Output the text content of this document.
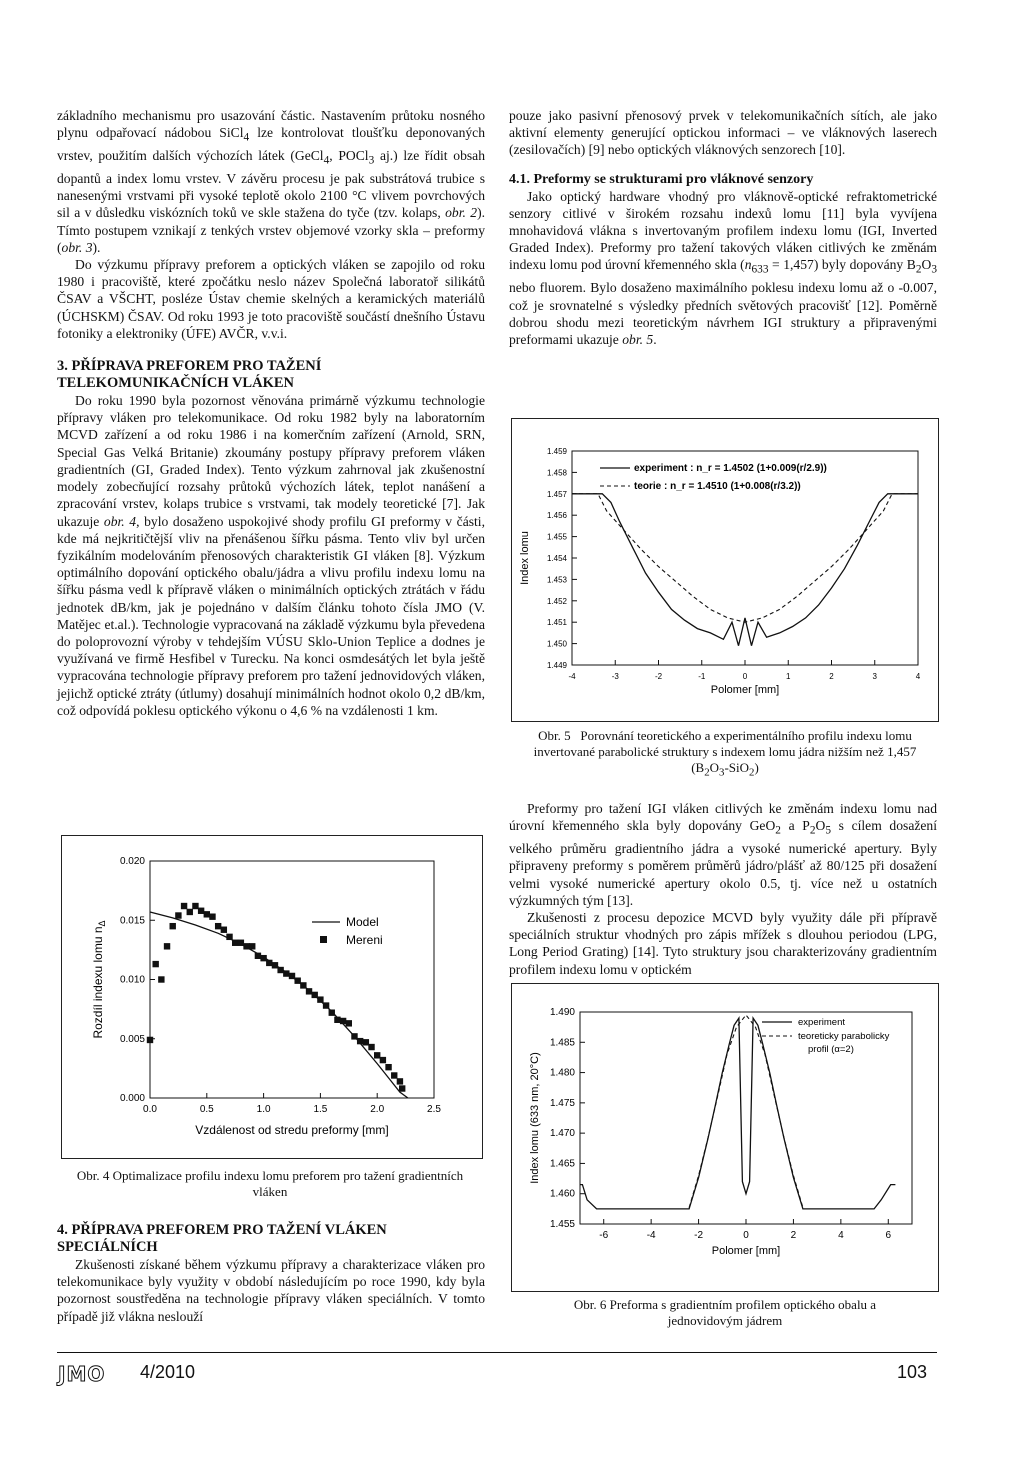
základního mechanismu pro usazování částic. Nastavením průtoku nosného plynu odpařovací nádobou SiCl$_4$ lze kontrolovat tloušťku deponovaných vrstev, použitím dalších výchozích látek (GeCl$_4$, POCl$_3$ aj.) lze řídit obsah dopantů a index lomu vrstev. V závěru procesu je pak substrátová trubice s nanesenými vrstvami při vysoké teplotě okolo 2100 °C vlivem povrchových sil a v důsledku viskózních toků ve skle stažena do tyče (tzv. kolaps, obr. 2). Tímto postupem vznikají z tenkých vrstev objemové vzorky skla – preformy (obr. 3).

Do výzkumu přípravy preforem a optických vláken se zapojilo od roku 1980 i pracoviště, které zpočátku neslo název Společná laboratoř silikátů ČSAV a VŠCHT, posléze Ústav chemie skelných a keramických materiálů (ÚCHSKM) ČSAV. Od roku 1993 je toto pracoviště součástí dnešního Ústavu fotoniky a elektroniky (ÚFE) AVČR, v.v.i.

3. PŘÍPRAVA PREFOREM PRO TAŽENÍ TELEKOMUNIKAČNÍCH VLÁKEN

Do roku 1990 byla pozornost věnována primárně výzkumu technologie přípravy vláken pro telekomunikace. Od roku 1982 byly na laboratorním MCVD zařízení a od roku 1986 i na komerčním zařízení (Arnold, SRN, Special Gas Velká Britanie) zkoumány postupy přípravy preforem vláken gradientních (GI, Graded Index). Tento výzkum zahrnoval jak zkušenostní modely zobecňující rozsahy průtoků výchozích látek, teplot nanášení a zpracování vrstev, kolaps trubice s vrstvami, tak modely teoretické [7]. Jak ukazuje obr. 4, bylo dosaženo uspokojivé shody profilu GI preformy v části, kde má nejkritičtější vliv na přenášenou šířku pásma. Tento vliv byl určen fyzikálním modelováním přenosových charakteristik GI vláken [8]. Výzkum optimálního dopování optického obalu/jádra a vlivu profilu indexu lomu na šířku pásma vedl k přípravě vláken o minimálních optických ztrátách v řádu jednotek dB/km, jak je pojednáno v dalším článku tohoto čísla JMO (V. Matějec et.al.). Technologie vypracovaná na základě výzkumu byla převedena do poloprovozní výroby v tehdejším VÚSU Sklo-Union Teplice a dodnes je využívaná ve firmě Hesfibel v Turecku. Na konci osmdesátých let byla ještě vypracována technologie přípravy preforem pro tažení jednovidových vláken, jejichž optické ztráty (útlumy) dosahují minimálních hodnot okolo 0,2 dB/km, což odpovídá poklesu optického výkonu o 4,6 % na vzdálenosti 1 km.

0.0	0.5	1.0	1.5	2.0	2.5
0.000
0.005
0.010
0.015
0.020
Vzdálenost od stredu preformy [mm]
Rozdíl indexu lomu $n_\Delta$	Model
Mereni
Obr. 4 Optimalizace profilu indexu lomu preforem pro tažení gradientních vláken
4. PŘÍPRAVA PREFOREM PRO TAŽENÍ VLÁKEN SPECIÁLNÍCH

Zkušenosti získané během výzkumu přípravy a charakterizace vláken pro telekomunikace byly využity v období následujícím po roce 1990, kdy byla pozornost soustředěna na technologie přípravy vláken speciálních. V tomto případě již vlákna neslouží

pouze jako pasivní přenosový prvek v telekomunikačních sítích, ale jako aktivní elementy generující optickou informaci – ve vláknových laserech (zesilovačích) [9] nebo optických vláknových senzorech [10].

4.1. Preformy se strukturami pro vláknové senzory

Jako optický hardware vhodný pro vláknově-optické refraktometrické senzory citlivé v širokém rozsahu indexů lomu [11] byla vyvíjena mnohavidová vlákna s invertovaným profilem indexu lomu (IGI, Inverted Graded Index). Preformy pro tažení takových vláken citlivých ke změnám indexu lomu pod úrovní křemenného skla $(n_{633} = 1,457)$ byly dopovány $B_2O_3$ nebo fluorem. Bylo dosaženo maximálního poklesu indexu lomu až o -0.007, což je srovnatelné s výsledky předních světových pracovišť [12]. Poměrně dobrou shodu mezi teoretickým návrhem IGI struktury a připravenými preformami ukazuje obr. 5.

-4	-3	-2	-1	0	1	2	3	4
1.449
1.450
1.451
1.452
1.453
1.454
1.455
1.456
1.457
1.458
1.459
Polomer [mm]
Index lomu
experiment : n_r = 1.4502 (1+0.009(r/2.9))
teorie : n_r = 1.4510 (1+0.008(r/3.2))
Obr. 5   Porovnání teoretického a experimentálního profilu indexu lomu invertované parabolické struktury s indexem lomu jádra nižším než 1,457 $(B_2O_3-SiO_2)$

Preformy pro tažení IGI vláken citlivých ke změnám indexu lomu nad úrovní křemenného skla byly dopovány GeO$_2$ a $P_2O_5$ s cílem dosažení velkého průměru gradientního jádra a vysoké numerické apertury. Byly připraveny preformy s poměrem průměrů jádro/plášť až 80/125 při dosažení velmi vysoké numerické apertury okolo 0.5, tj. více než u ostatních výzkumných tým [13].

Zkušenosti z procesu depozice MCVD byly využity dále při přípravě speciálních struktur vhodných pro zápis mřížek s dlouhou periodou (LPG, Long Period Grating) [14]. Tyto struktury jsou charakterizovány gradientním profilem indexu lomu v optickém

-6	-4	-2	0	2	4	6
1.455
1.460
1.465
1.470
1.475
1.480
1.485
1.490
Polomer [mm]
Index lomu (633 nm, 20°C)
experiment
teoreticky parabolicky
profil (α=2)
Obr. 6 Preforma s gradientním profilem optického obalu a jednovidovým jádrem
JMO 4/2010	103
